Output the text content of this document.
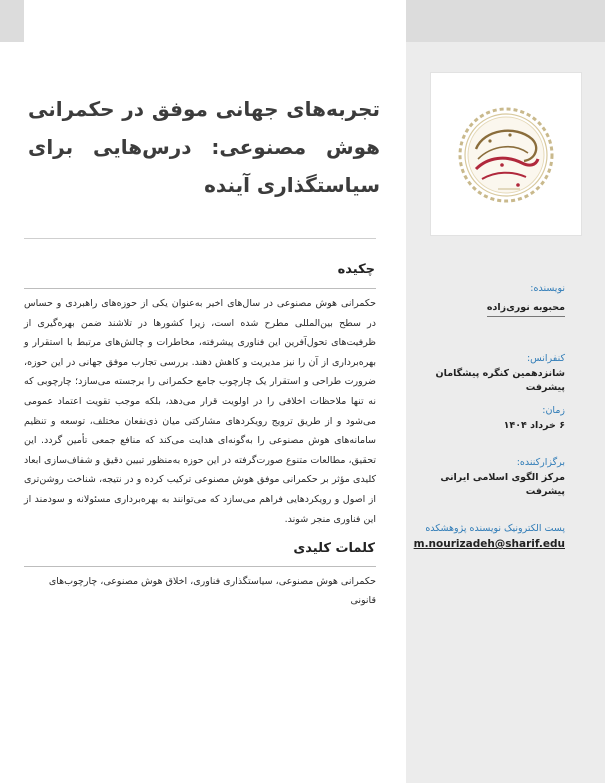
تجربه‌های جهانی موفق در حکمرانی هوش مصنوعی: درس‌هایی برای سیاستگذاری آینده
چکیده

حکمرانی هوش مصنوعی در سال‌های اخیر به‌عنوان یکی از حوزه‌های راهبردی و حساس در سطح بین‌المللی مطرح شده است، زیرا کشورها در تلاشند ضمن بهره‌گیری از ظرفیت‌های تحول‌آفرین این فناوری پیشرفته، مخاطرات و چالش‌های مرتبط با استقرار و بهره‌برداری از آن را نیز مدیریت و کاهش دهند. بررسی تجارب موفق جهانی در این حوزه، ضرورت طراحی و استقرار یک چارچوب جامع حکمرانی را برجسته می‌سازد؛ چارچوبی که نه تنها ملاحظات اخلاقی را در اولویت قرار می‌دهد، بلکه موجب تقویت اعتماد عمومی می‌شود و از طریق ترویج رویکردهای مشارکتی میان ذی‌نفعان مختلف، توسعه و تنظیم سامانه‌های هوش مصنوعی را به‌گونه‌ای هدایت می‌کند که منافع جمعی تأمین گردد. این تحقیق، مطالعات متنوع صورت‌گرفته در این حوزه به‌منظور تبیین دقیق و شفاف‌سازی ابعاد کلیدی مؤثر بر حکمرانی موفق هوش مصنوعی ترکیب کرده و در نتیجه، شناخت روشن‌تری از اصول و رویکردهایی فراهم می‌سازد که می‌توانند به بهره‌برداری مسئولانه و سودمند از این فناوری منجر شوند.

کلمات کلیدی

حکمرانی هوش مصنوعی، سیاستگذاری فناوری، اخلاق هوش مصنوعی، چارچوب‌های قانونی

نویسنده:
محبوبه نوری‌زاده
کنفرانس:
شانزدهمین کنگره پیشگامان پیشرفت
زمان:
۶ خرداد ۱۴۰۴
برگزارکننده:
مرکز الگوی اسلامی ایرانی پیشرفت
پست الکترونیک نویسنده پژوهشکده
m.nourizadeh@sharif.edu
